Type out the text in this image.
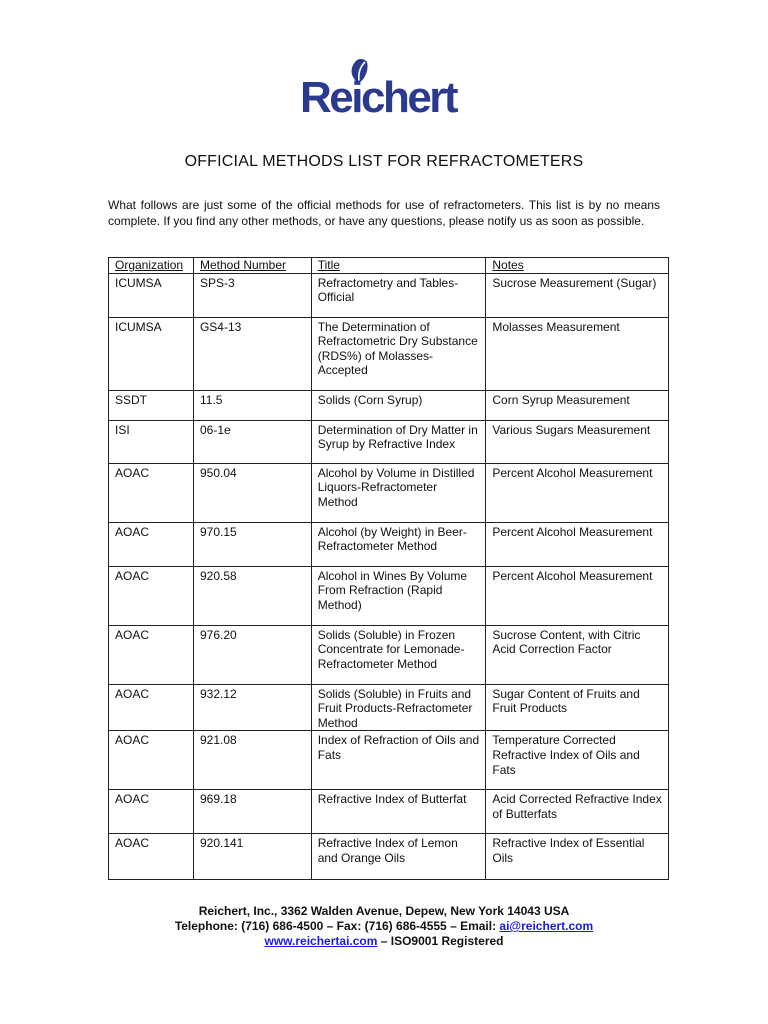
Reichert
OFFICIAL METHODS LIST FOR REFRACTOMETERS
What follows are just some of the official methods for use of refractometers. This list is by no means complete. If you find any other methods, or have any questions, please notify us as soon as possible.
Organization	Method Number	Title	Notes
ICUMSA	SPS-3	Refractometry and Tables-Official	Sucrose Measurement (Sugar)
ICUMSA	GS4-13	The Determination of Refractometric Dry Substance (RDS%) of Molasses-Accepted	Molasses Measurement
SSDT	11.5	Solids (Corn Syrup)	Corn Syrup Measurement
ISI	06-1e	Determination of Dry Matter in Syrup by Refractive Index	Various Sugars Measurement
AOAC	950.04	Alcohol by Volume in Distilled Liquors-Refractometer Method	Percent Alcohol Measurement
AOAC	970.15	Alcohol (by Weight) in Beer-Refractometer Method	Percent Alcohol Measurement
AOAC	920.58	Alcohol in Wines By Volume From Refraction (Rapid Method)	Percent Alcohol Measurement
AOAC	976.20	Solids (Soluble) in Frozen Concentrate for Lemonade-Refractometer Method	Sucrose Content, with Citric Acid Correction Factor
AOAC	932.12	Solids (Soluble) in Fruits and Fruit Products-Refractometer Method	Sugar Content of Fruits and Fruit Products
AOAC	921.08	Index of Refraction of Oils and Fats	Temperature Corrected Refractive Index of Oils and Fats
AOAC	969.18	Refractive Index of Butterfat	Acid Corrected Refractive Index of Butterfats
AOAC	920.141	Refractive Index of Lemon and Orange Oils	Refractive Index of Essential Oils
Reichert, Inc., 3362 Walden Avenue, Depew, New York 14043 USA
Telephone: (716) 686-4500 – Fax: (716) 686-4555 – Email: ai@reichert.com
www.reichertai.com – ISO9001 Registered
